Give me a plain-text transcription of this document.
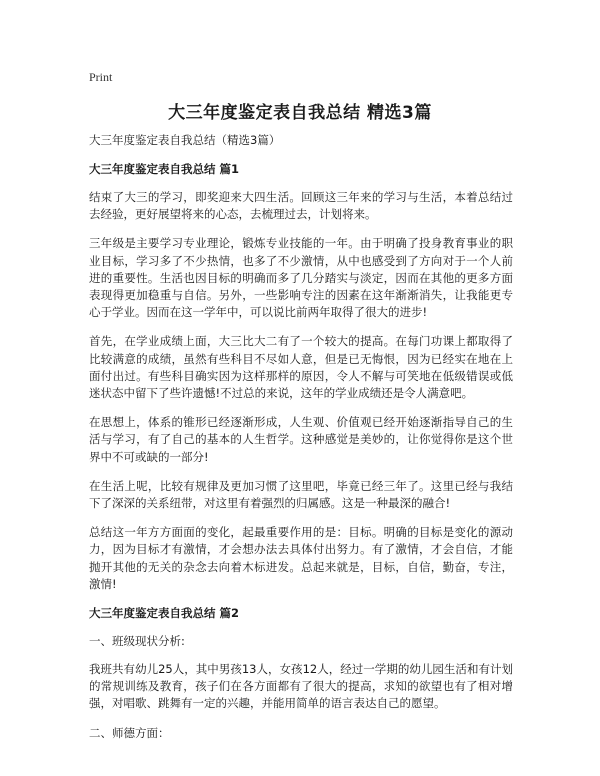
Print
大三年度鉴定表自我总结 精选3篇

大三年度鉴定表自我总结（精选3篇）

大三年度鉴定表自我总结 篇1

结束了大三的学习，即奖迎来大四生活。回顾这三年来的学习与生活，本着总结过去经验，更好展望将来的心态，去梳理过去，计划将来。

三年级是主要学习专业理论，锻炼专业技能的一年。由于明确了投身教育事业的职业目标，学习多了不少热情，也多了不少激情，从中也感受到了方向对于一个人前进的重要性。生活也因目标的明确而多了几分踏实与淡定，因而在其他的更多方面表现得更加稳重与自信。另外，一些影响专注的因素在这年渐渐消失，让我能更专心于学业。因而在这一学年中，可以说比前两年取得了很大的进步!

首先，在学业成绩上面，大三比大二有了一个较大的提高。在每门功课上都取得了比较满意的成绩，虽然有些科目不尽如人意，但是已无悔恨，因为已经实在地在上面付出过。有些科目确实因为这样那样的原因，令人不解与可笑地在低级错误或低迷状态中留下了些许遗憾!不过总的来说，这年的学业成绩还是令人满意吧。

在思想上，体系的锥形已经逐渐形成，人生观、价值观已经开始逐渐指导自己的生活与学习，有了自己的基本的人生哲学。这种感觉是美妙的，让你觉得你是这个世界中不可或缺的一部分!

在生活上呢，比较有规律及更加习惯了这里吧，毕竟已经三年了。这里已经与我结下了深深的关系纽带，对这里有着强烈的归属感。这是一种最深的融合!

总结这一年方方面面的变化，起最重要作用的是：目标。明确的目标是变化的源动力，因为目标才有激情，才会想办法去具体付出努力。有了激情，才会自信，才能抛开其他的无关的杂念去向着木标进发。总起来就是，目标，自信，勤奋，专注，激情!

大三年度鉴定表自我总结 篇2

一、班级现状分析:

我班共有幼儿25人，其中男孩13人，女孩12人，经过一学期的幼儿园生活和有计划的常规训练及教育，孩子们在各方面都有了很大的提高，求知的欲望也有了相对增强，对唱歌、跳舞有一定的兴趣，并能用简单的语言表达自己的愿望。

二、师德方面：
